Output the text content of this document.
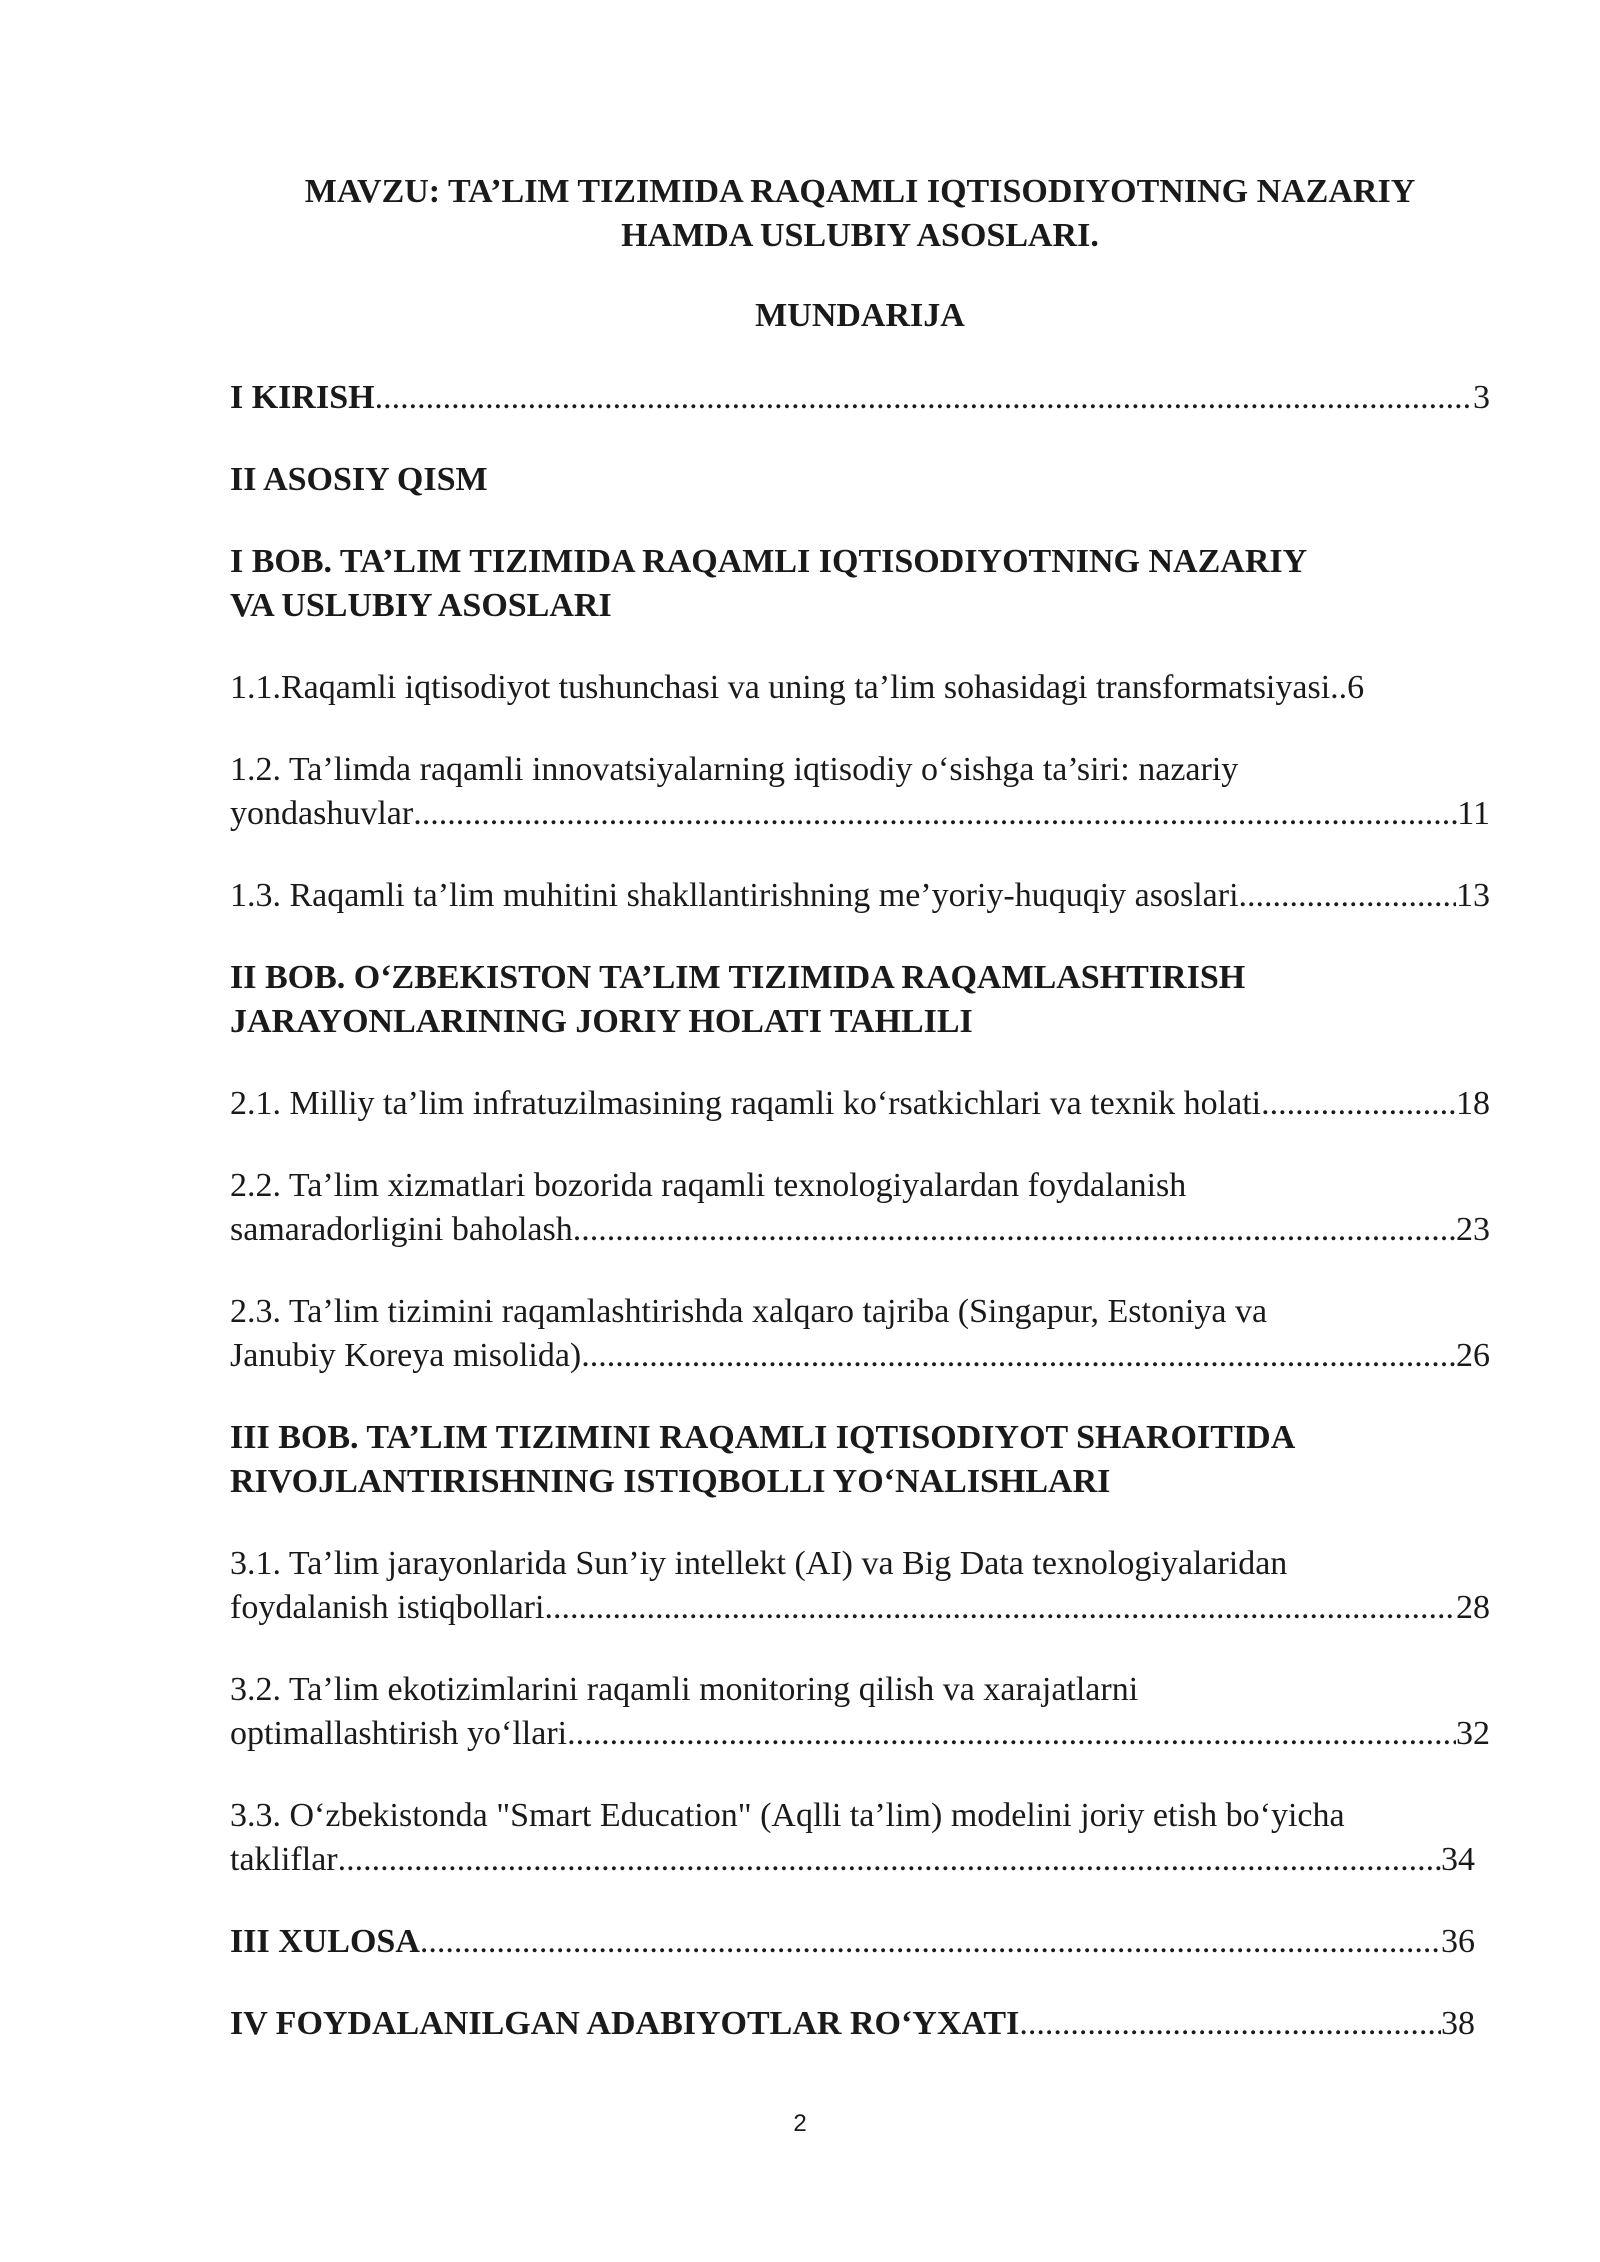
MAVZU: TA’LIM TIZIMIDA RAQAMLI IQTISODIYOTNING NAZARIY
HAMDA USLUBIY ASOSLARI.
MUNDARIJA
I KIRISH .....	3
II ASOSIY QISM
I BOB. TA’LIM TIZIMIDA RAQAMLI IQTISODIYOTNING NAZARIY
VA USLUBIY ASOSLARI
1.1.Raqamli iqtisodiyot tushunchasi va uning ta’lim sohasidagi transformatsiyasi.. 6
1.2. Ta’limda raqamli innovatsiyalarning iqtisodiy o‘sishga ta’siri: nazariy
yondashuvlar .....	11
1.3. Raqamli ta’lim muhitini shakllantirishning me’yoriy-huquqiy asoslari .....	13
II BOB. O‘ZBEKISTON TA’LIM TIZIMIDA RAQAMLASHTIRISH
JARAYONLARINING JORIY HOLATI TAHLILI
2.1. Milliy ta’lim infratuzilmasining raqamli ko‘rsatkichlari va texnik holati .....	18
2.2. Ta’lim xizmatlari bozorida raqamli texnologiyalardan foydalanish
samaradorligini baholash .....	23
2.3. Ta’lim tizimini raqamlashtirishda xalqaro tajriba (Singapur, Estoniya va
Janubiy Koreya misolida) .....	26
III BOB. TA’LIM TIZIMINI RAQAMLI IQTISODIYOT SHAROITIDA
RIVOJLANTIRISHNING ISTIQBOLLI YO‘NALISHLARI
3.1. Ta’lim jarayonlarida Sun’iy intellekt (AI) va Big Data texnologiyalaridan
foydalanish istiqbollari .....	28
3.2. Ta’lim ekotizimlarini raqamli monitoring qilish va xarajatlarni
optimallashtirish yo‘llari .....	32
3.3. O‘zbekistonda "Smart Education" (Aqlli ta’lim) modelini joriy etish bo‘yicha
takliflar .....	34
III XULOSA .....	36
IV FOYDALANILGAN ADABIYOTLAR RO‘YXATI .....	38
2
